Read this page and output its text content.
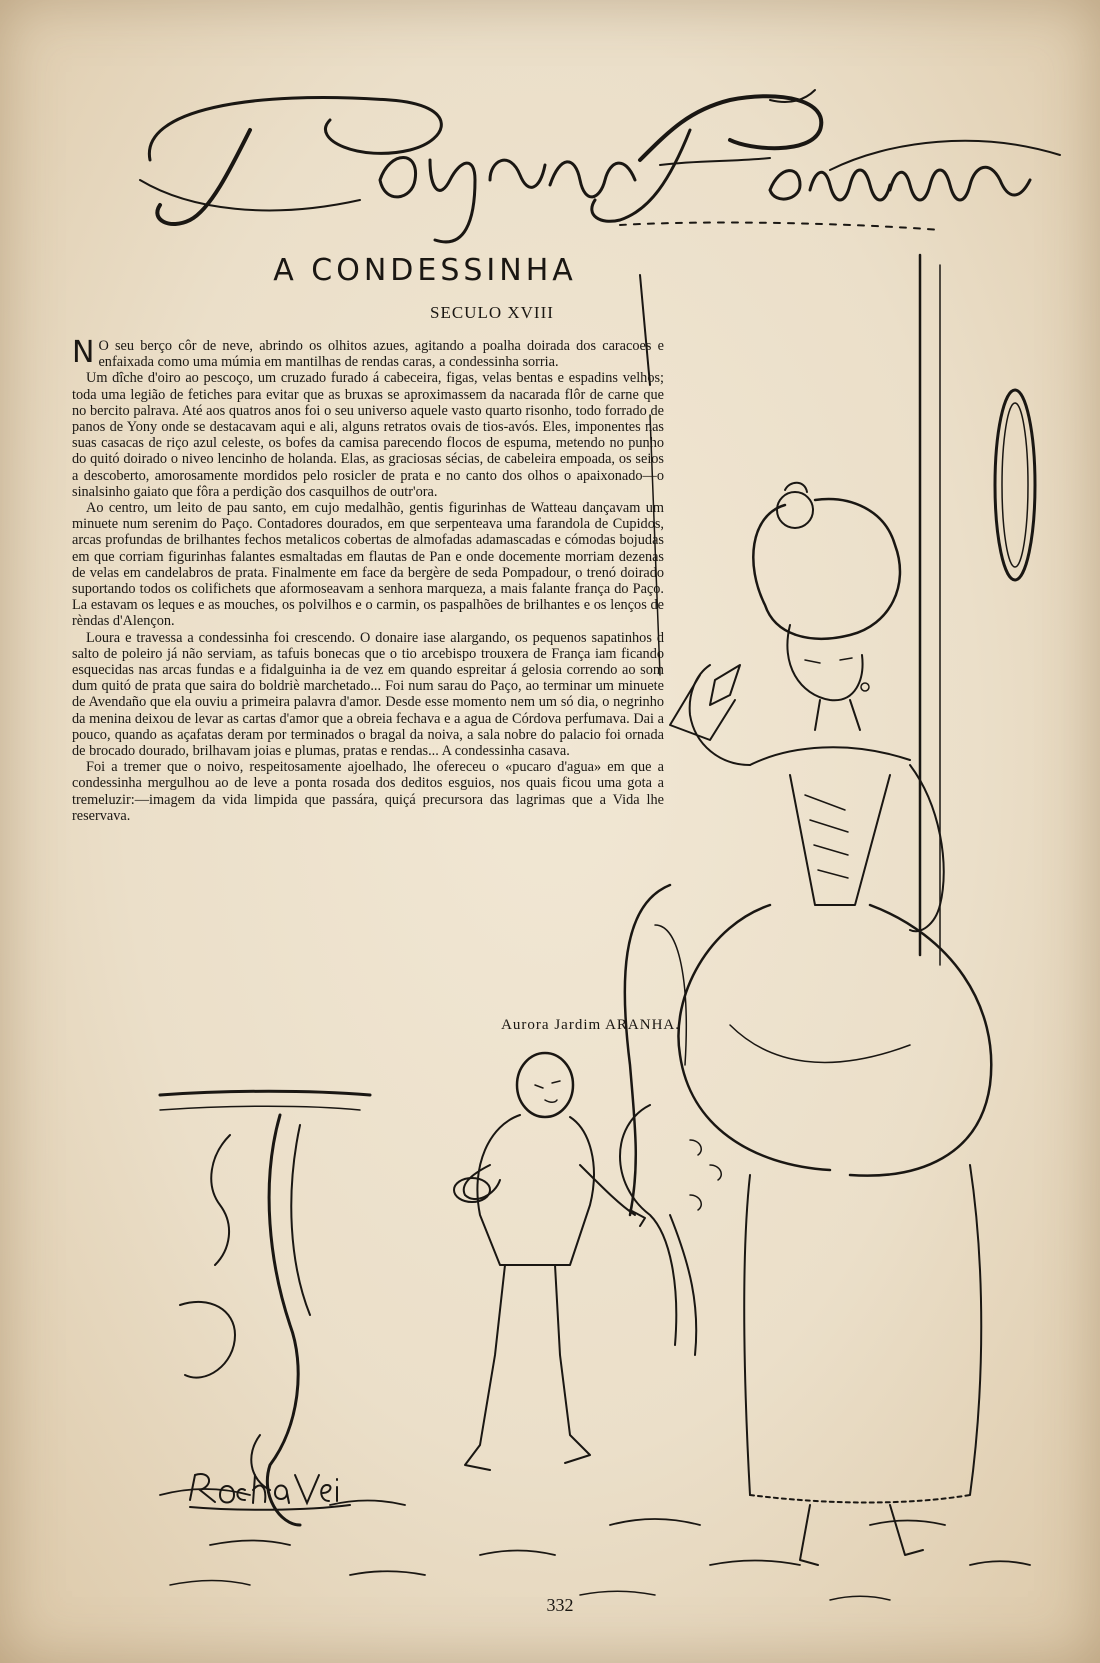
A CONDESSINHA
SECULO XVIII

N O seu berço côr de neve, abrindo os olhitos azues, agitando a poalha doirada dos caracoes e enfaixada como uma múmia em mantilhas de rendas caras, a condessinha sorria.

Um dîche d'oiro ao pescoço, um cruzado furado á cabeceira, figas, velas bentas e espadins velhos; toda uma legião de fetiches para evitar que as bruxas se aproximassem da nacarada flôr de carne que no bercito palrava. Até aos quatros anos foi o seu universo aquele vasto quarto risonho, todo forrado de panos de Yony onde se destacavam aqui e ali, alguns retratos ovais de tios-avós. Eles, imponentes nas suas casacas de riço azul celeste, os bofes da camisa parecendo flocos de espuma, metendo no punho do quitó doirado o niveo lencinho de holanda. Elas, as graciosas sécias, de cabeleira empoada, os seios a descoberto, amorosamente mordidos pelo rosicler de prata e no canto dos olhos o apaixonado—o sinalsinho gaiato que fôra a perdição dos casquilhos de outr'ora.

Ao centro, um leito de pau santo, em cujo medalhão, gentis figurinhas de Watteau dançavam um minuete num serenim do Paço. Contadores dourados, em que serpenteava uma farandola de Cupidos, arcas profundas de brilhantes fechos metalicos cobertas de almofadas adamascadas e cómodas bojudas em que corriam figurinhas falantes esmaltadas em flautas de Pan e onde docemente morriam dezenas de velas em candelabros de prata. Finalmente em face da bergère de seda Pompadour, o trenó doirado suportando todos os colifichets que aformoseavam a senhora marqueza, a mais falante frança do Paço. La estavam os leques e as mouches, os polvilhos e o carmin, os paspalhões de brilhantes e os lenços de rèndas d'Alençon.

Loura e travessa a condessinha foi crescendo. O donaire iase alargando, os pequenos sapatinhos d salto de poleiro já não serviam, as tafuis bonecas que o tio arcebispo trouxera de França iam ficando esquecidas nas arcas fundas e a fidalguinha ia de vez em quando espreitar á gelosia correndo ao som dum quitó de prata que saira do boldriè marchetado... Foi num sarau do Paço, ao terminar um minuete de Avendaño que ela ouviu a primeira palavra d'amor. Desde esse momento nem um só dia, o negrinho da menina deixou de levar as cartas d'amor que a obreia fechava e a agua de Córdova perfumava. Dai a pouco, quando as açafatas deram por terminados o bragal da noiva, a sala nobre do palacio foi ornada de brocado dourado, brilhavam joias e plumas, pratas e rendas... A condessinha casava.

Foi a tremer que o noivo, respeitosamente ajoelhado, lhe ofereceu o «pucaro d'agua» em que a condessinha mergulhou ao de leve a ponta rosada dos deditos esguios, nos quais ficou uma gota a tremeluzir:—imagem da vida limpida que passára, quiçá precursora das lagrimas que a Vida lhe reservava.

Aurora Jardim ARANHA.
332
